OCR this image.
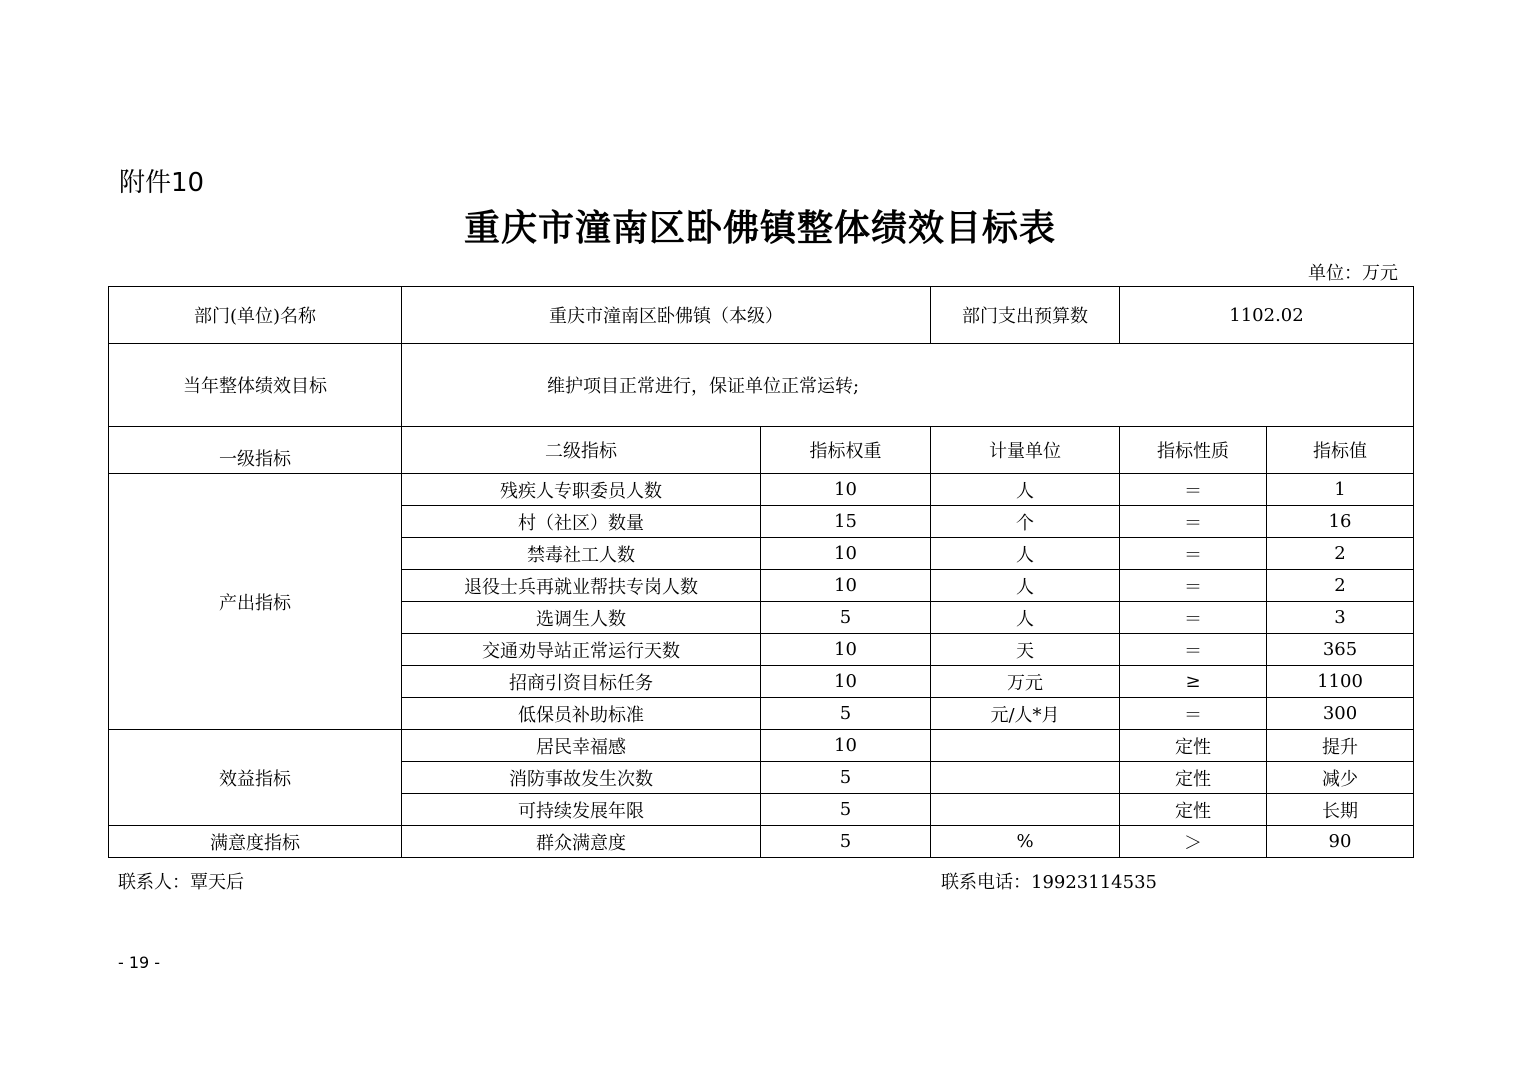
附件10
重庆市潼南区卧佛镇整体绩效目标表
单位：万元
部门(单位)名称	重庆市潼南区卧佛镇（本级）		部门支出预算数	1102.02	
当年整体绩效目标	维护项目正常进行，保证单位正常运转;				
一级指标	二级指标	指标权重	计量单位	指标性质	指标值
产出指标	残疾人专职委员人数	10	人	＝	1
	村（社区）数量	15	个	＝	16
	禁毒社工人数	10	人	＝	2
	退役士兵再就业帮扶专岗人数	10	人	＝	2
	选调生人数	5	人	＝	3
	交通劝导站正常运行天数	10	天	＝	365
	招商引资目标任务	10	万元	≥	1100
	低保员补助标准	5	元/人*月	＝	300
效益指标	居民幸福感	10		定性	提升
	消防事故发生次数	5		定性	减少
	可持续发展年限	5		定性	长期
满意度指标	群众满意度	5	%	＞	90
联系人：覃天后	联系电话：19923114535
- 19 -
